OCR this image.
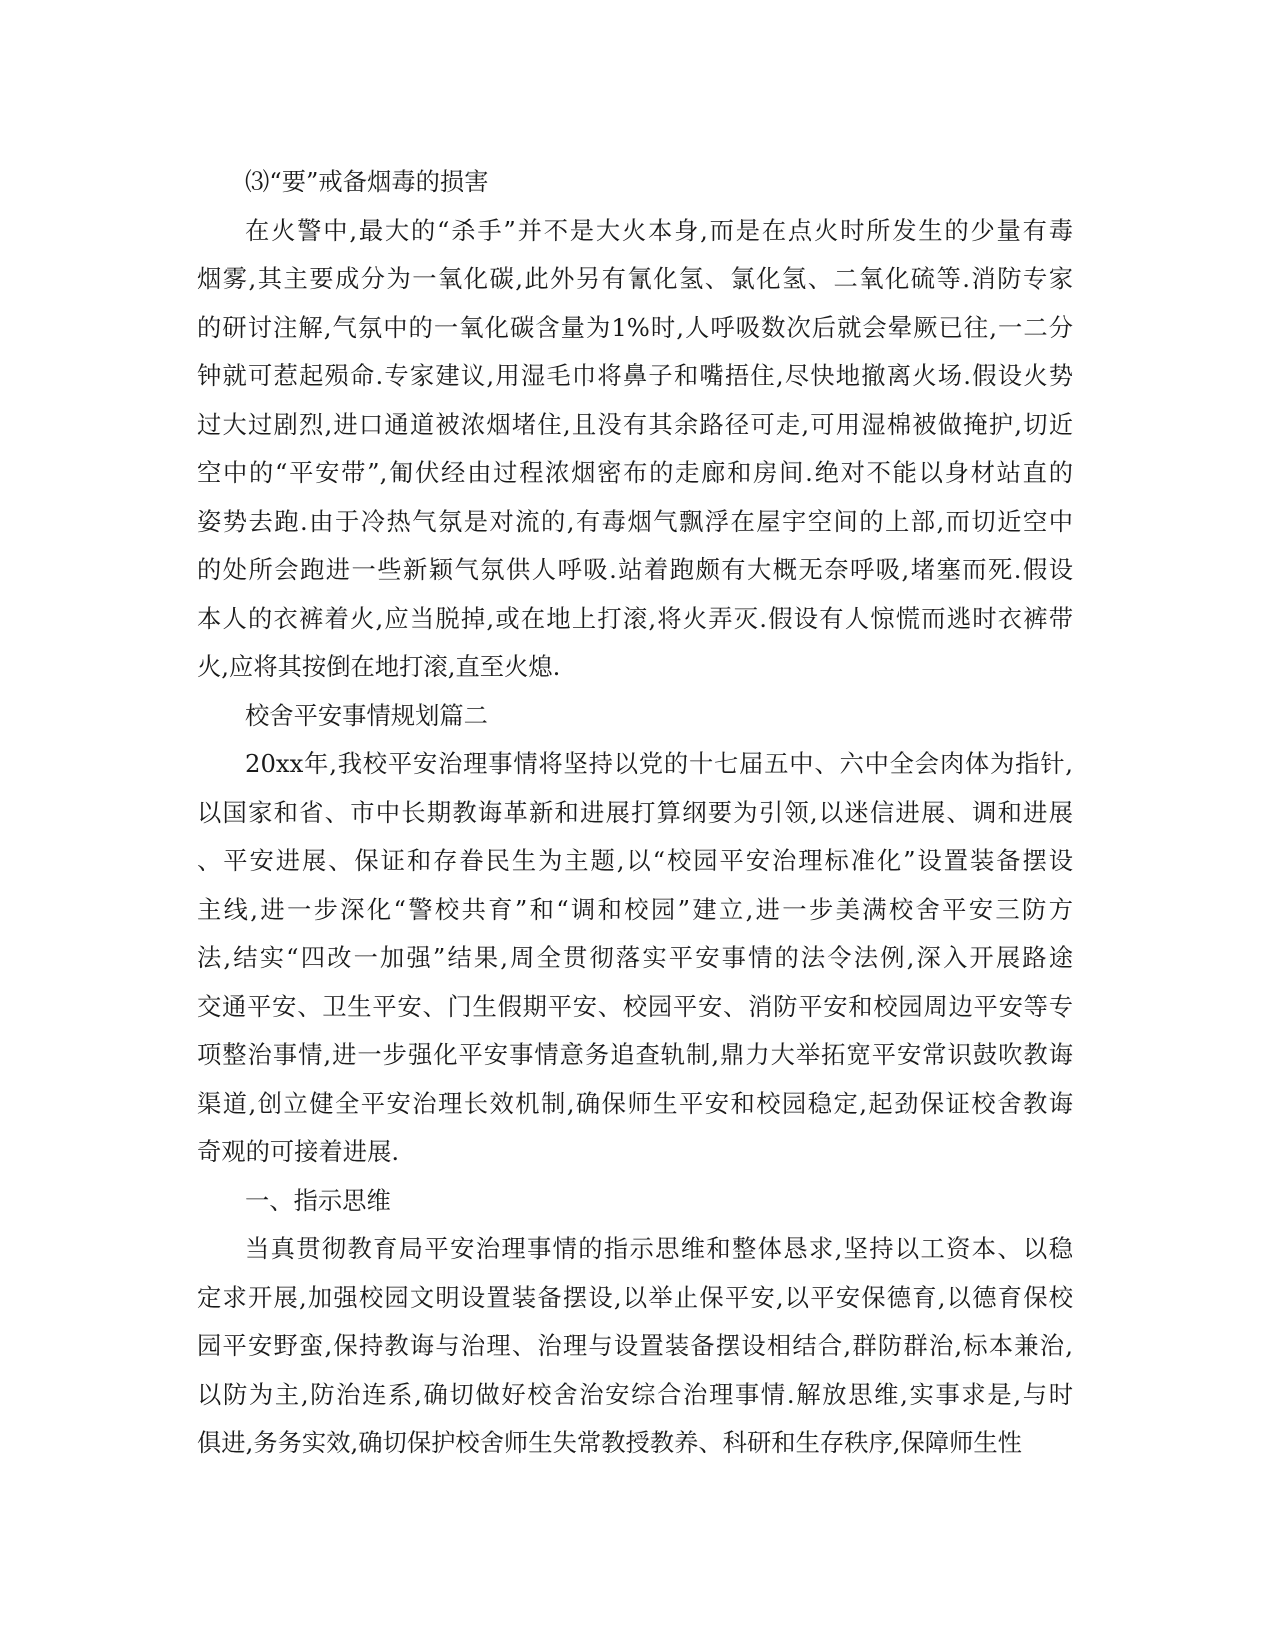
⑶“要”戒备烟毒的损害
在火警中,最大的“杀手”并不是大火本身,而是在点火时所发生的少量有毒
烟雾,其主要成分为一氧化碳,此外另有氰化氢、氯化氢、二氧化硫等.消防专家
的研讨注解,气氛中的一氧化碳含量为1%时,人呼吸数次后就会晕厥已往,一二分
钟就可惹起殒命.专家建议,用湿毛巾将鼻子和嘴捂住,尽快地撤离火场.假设火势
过大过剧烈,进口通道被浓烟堵住,且没有其余路径可走,可用湿棉被做掩护,切近
空中的“平安带”,匍伏经由过程浓烟密布的走廊和房间.绝对不能以身材站直的
姿势去跑.由于冷热气氛是对流的,有毒烟气飘浮在屋宇空间的上部,而切近空中
的处所会跑进一些新颖气氛供人呼吸.站着跑颇有大概无奈呼吸,堵塞而死.假设
本人的衣裤着火,应当脱掉,或在地上打滚,将火弄灭.假设有人惊慌而逃时衣裤带
火,应将其按倒在地打滚,直至火熄.
校舍平安事情规划篇二
20xx年,我校平安治理事情将坚持以党的十七届五中、六中全会肉体为指针,
以国家和省、市中长期教诲革新和进展打算纲要为引领,以迷信进展、调和进展
、平安进展、保证和存眷民生为主题,以“校园平安治理标准化”设置装备摆设
主线,进一步深化“警校共育”和“调和校园”建立,进一步美满校舍平安三防方
法,结实“四改一加强”结果,周全贯彻落实平安事情的法令法例,深入开展路途
交通平安、卫生平安、门生假期平安、校园平安、消防平安和校园周边平安等专
项整治事情,进一步强化平安事情意务追查轨制,鼎力大举拓宽平安常识鼓吹教诲
渠道,创立健全平安治理长效机制,确保师生平安和校园稳定,起劲保证校舍教诲
奇观的可接着进展.
一、指示思维
当真贯彻教育局平安治理事情的指示思维和整体恳求,坚持以工资本、以稳
定求开展,加强校园文明设置装备摆设,以举止保平安,以平安保德育,以德育保校
园平安野蛮,保持教诲与治理、治理与设置装备摆设相结合,群防群治,标本兼治,
以防为主,防治连系,确切做好校舍治安综合治理事情.解放思维,实事求是,与时
俱进,务务实效,确切保护校舍师生失常教授教养、科研和生存秩序,保障师生性
